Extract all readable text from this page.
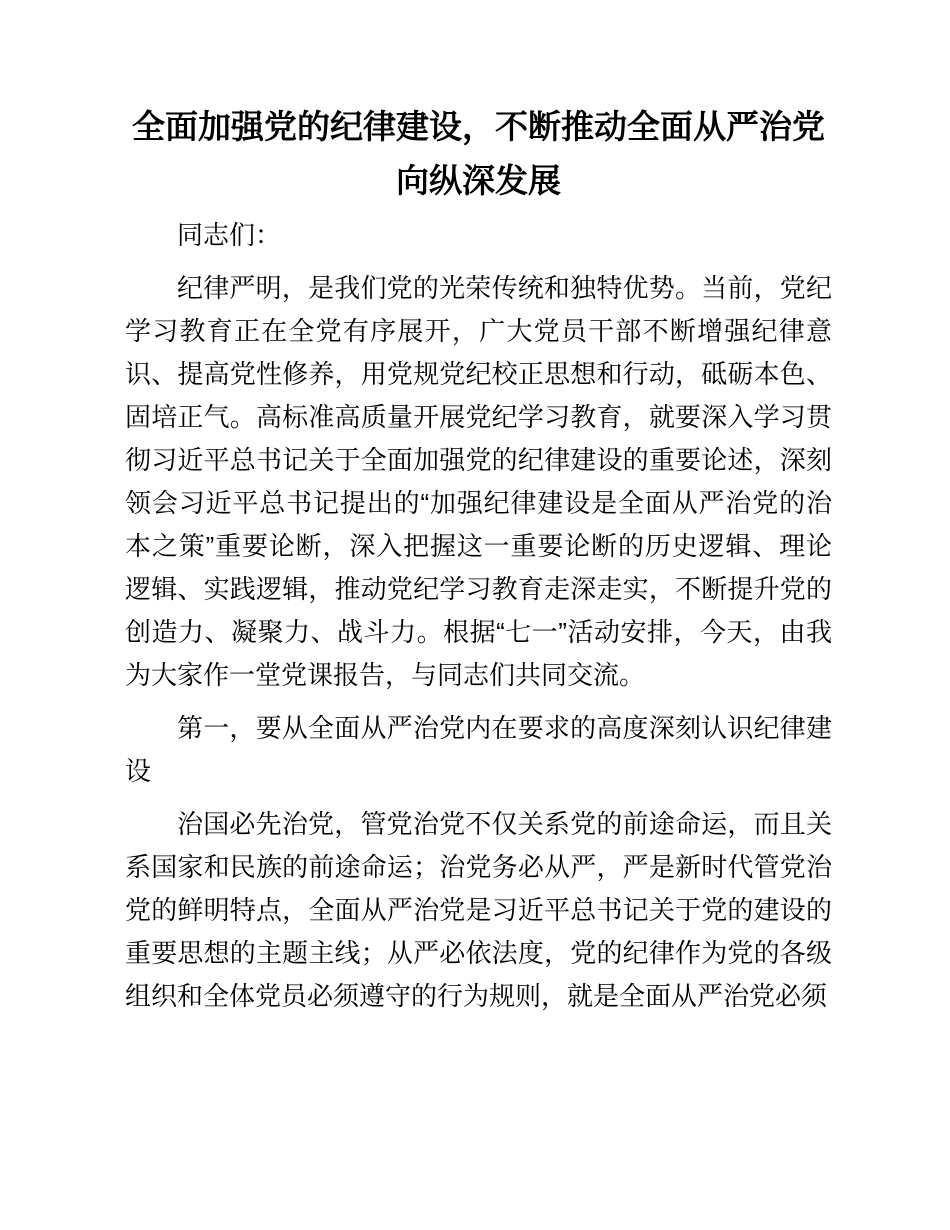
全面加强党的纪律建设，不断推动全面从严治党向纵深发展

同志们：

纪律严明，是我们党的光荣传统和独特优势。当前，党纪学习教育正在全党有序展开，广大党员干部不断增强纪律意识、提高党性修养，用党规党纪校正思想和行动，砥砺本色、固培正气。高标准高质量开展党纪学习教育，就要深入学习贯彻习近平总书记关于全面加强党的纪律建设的重要论述，深刻领会习近平总书记提出的“加强纪律建设是全面从严治党的治本之策”重要论断，深入把握这一重要论断的历史逻辑、理论逻辑、实践逻辑，推动党纪学习教育走深走实，不断提升党的创造力、凝聚力、战斗力。根据“七一”活动安排，今天，由我为大家作一堂党课报告，与同志们共同交流。

第一，要从全面从严治党内在要求的高度深刻认识纪律建设

治国必先治党，管党治党不仅关系党的前途命运，而且关系国家和民族的前途命运；治党务必从严，严是新时代管党治党的鲜明特点，全面从严治党是习近平总书记关于党的建设的重要思想的主题主线；从严必依法度，党的纪律作为党的各级组织和全体党员必须遵守的行为规则，就是全面从严治党必须
